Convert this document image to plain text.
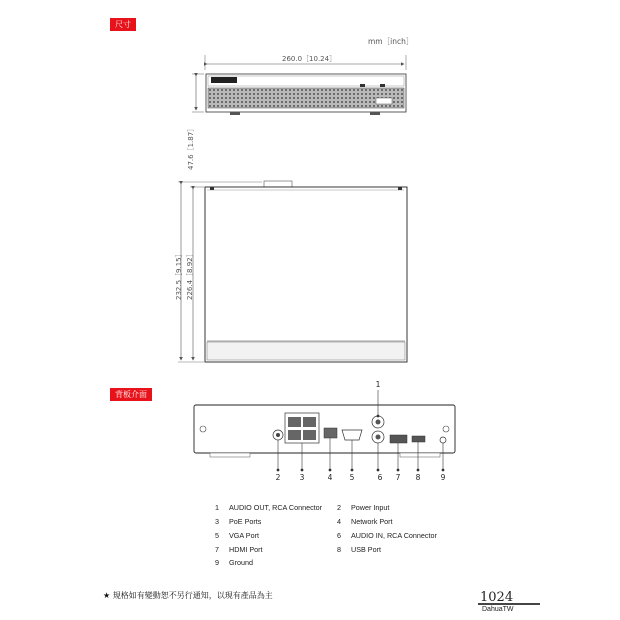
尺寸
背板介面
mm［inch］
260.0［10.24］
47.6［1.87］
232.5［9.15］ 226.4［8.92］
1
2	3	4 5	6 7 8	9
1 AUDIO OUT, RCA Connector 2 Power Input
3 PoE Ports	4 Network Port
5 VGA Port	6 AUDIO IN, RCA Connector
7 HDMI Port	8 USB Port
9 Ground
★ 規格如有變動恕不另行通知，以現有產品為主	1024
DahuaTW
